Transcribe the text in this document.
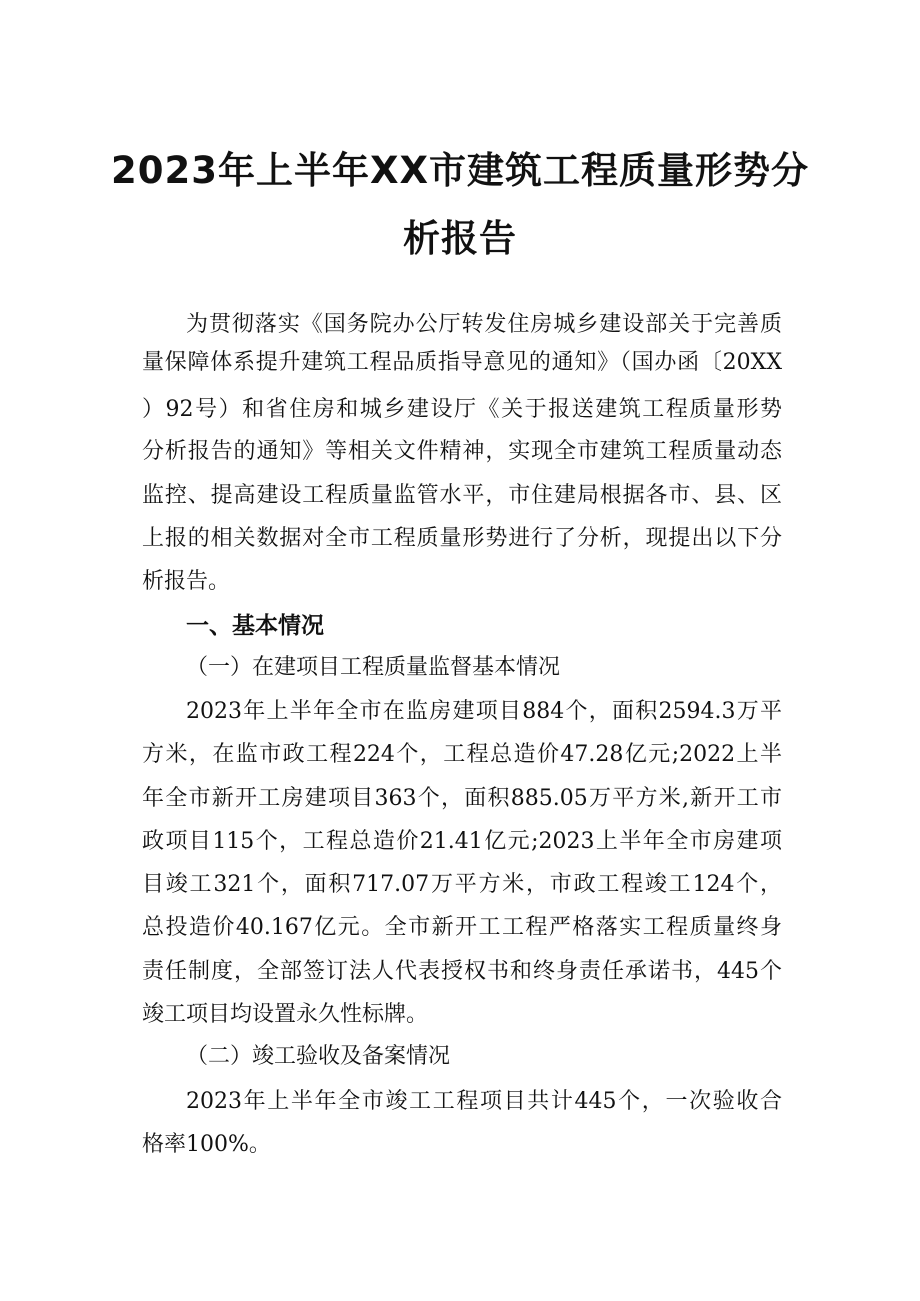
2023年上半年XX市建筑工程质量形势分
析报告
为贯彻落实《国务院办公厅转发住房城乡建设部关于完善质
量保障体系提升建筑工程品质指导意见的通知》（国办函〔20XX
）92号）和省住房和城乡建设厅《关于报送建筑工程质量形势
分析报告的通知》等相关文件精神，实现全市建筑工程质量动态
监控、提高建设工程质量监管水平，市住建局根据各市、县、区
上报的相关数据对全市工程质量形势进行了分析，现提出以下分
析报告。
一、基本情况
（一）在建项目工程质量监督基本情况
2023年上半年全市在监房建项目884个，面积2594.3万平
方米，在监市政工程224个，工程总造价47.28亿元;2022上半
年全市新开工房建项目363个，面积885.05万平方米,新开工市
政项目115个，工程总造价21.41亿元;2023上半年全市房建项
目竣工321个，面积717.07万平方米，市政工程竣工124个，
总投造价40.167亿元。全市新开工工程严格落实工程质量终身
责任制度，全部签订法人代表授权书和终身责任承诺书，445个
竣工项目均设置永久性标牌。
（二）竣工验收及备案情况
2023年上半年全市竣工工程项目共计445个，一次验收合
格率100%。
